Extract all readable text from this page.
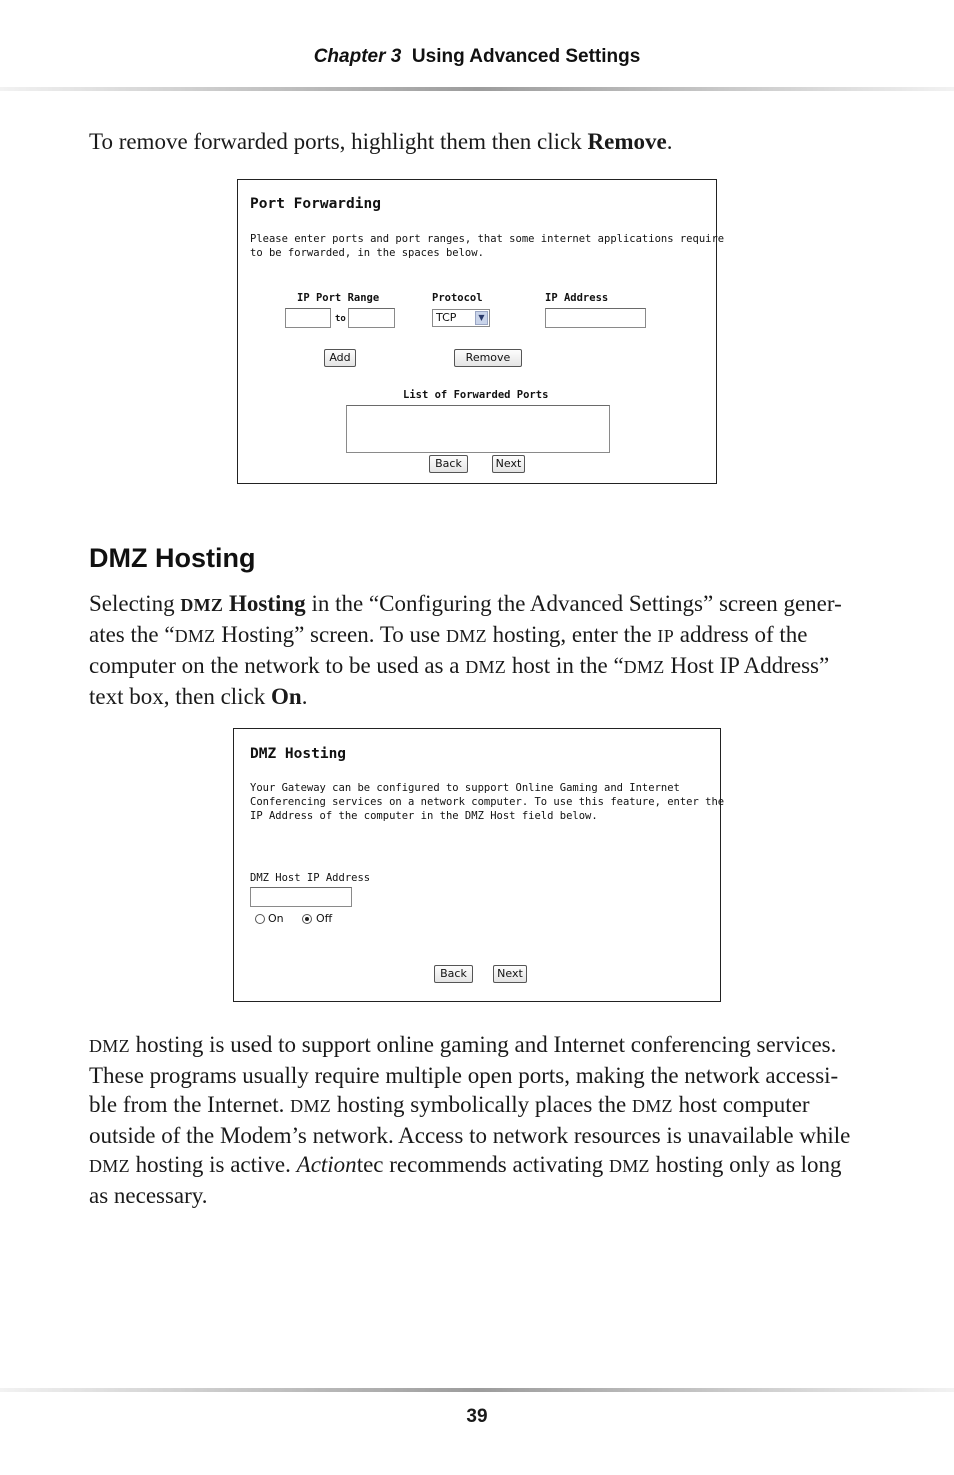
Chapter 3 Using Advanced Settings
To remove forwarded ports, highlight them then click Remove.
Port Forwarding
Please enter ports and port ranges, that some internet applications require
to be forwarded, in the spaces below.
IP Port Range
to
Protocol
TCP	▼
IP Address
Add	Remove
List of Forwarded Ports
Back	Next
DMZ Hosting
Selecting DMZ Hosting in the “Configuring the Advanced Settings” screen gener-
ates the “DMZ Hosting” screen. To use DMZ hosting, enter the IP address of the
computer on the network to be used as a DMZ host in the “DMZ Host IP Address”
text box, then click On.
DMZ Hosting
Your Gateway can be configured to support Online Gaming and Internet
Conferencing services on a network computer. To use this feature, enter the
IP Address of the computer in the DMZ Host field below.
DMZ Host IP Address
On	Off
Back	Next
DMZ hosting is used to support online gaming and Internet conferencing services.
These programs usually require multiple open ports, making the network accessi-
ble from the Internet. DMZ hosting symbolically places the DMZ host computer
outside of the Modem’s network. Access to network resources is unavailable while
DMZ hosting is active. Actiontec recommends activating DMZ hosting only as long
as necessary.
39
